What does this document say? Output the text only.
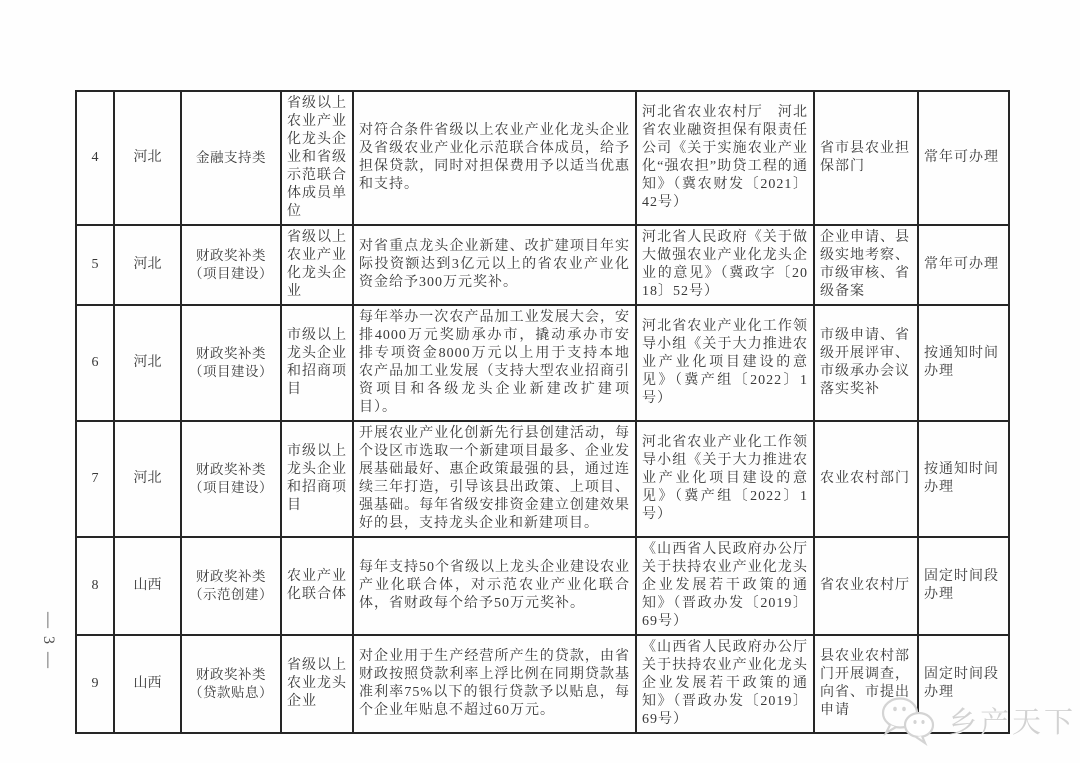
— 3 —
4	河北	金融支持类	省级以上农业产业化龙头企业和省级示范联合体成员单位	对符合条件省级以上农业产业化龙头企业及省级农业产业化示范联合体成员，给予担保贷款，同时对担保费用予以适当优惠和支持。	河北省农业农村厅　河北省农业融资担保有限责任公司《关于实施农业产业化“强农担”助贷工程的通知》（冀农财发〔2021〕42号）	省市县农业担保部门	常年可办理
5	河北	财政奖补类（项目建设）	省级以上农业产业化龙头企业	对省重点龙头企业新建、改扩建项目年实际投资额达到3亿元以上的省农业产业化资金给予300万元奖补。	河北省人民政府《关于做大做强农业产业化龙头企业的意见》（冀政字〔2018〕52号）	企业申请、县级实地考察、市级审核、省级备案	常年可办理
6	河北	财政奖补类（项目建设）	市级以上龙头企业和招商项目	每年举办一次农产品加工业发展大会，安排4000万元奖励承办市，撬动承办市安排专项资金8000万元以上用于支持本地农产品加工业发展（支持大型农业招商引资项目和各级龙头企业新建改扩建项目）。	河北省农业产业化工作领导小组《关于大力推进农业产业化项目建设的意见》（冀产组〔2022〕1号）	市级申请、省级开展评审、市级承办会议落实奖补	按通知时间办理
7	河北	财政奖补类（项目建设）	市级以上龙头企业和招商项目	开展农业产业化创新先行县创建活动，每个设区市选取一个新建项目最多、企业发展基础最好、惠企政策最强的县，通过连续三年打造，引导该县出政策、上项目、强基础。每年省级安排资金建立创建效果好的县，支持龙头企业和新建项目。	河北省农业产业化工作领导小组《关于大力推进农业产业化项目建设的意见》（冀产组〔2022〕1号）	农业农村部门	按通知时间办理
8	山西	财政奖补类（示范创建）	农业产业化联合体	每年支持50个省级以上龙头企业建设农业产业化联合体，对示范农业产业化联合体，省财政每个给予50万元奖补。	《山西省人民政府办公厅关于扶持农业产业化龙头企业发展若干政策的通知》（晋政办发〔2019〕69号）	省农业农村厅	固定时间段办理
9	山西	财政奖补类（贷款贴息）	省级以上农业龙头企业	对企业用于生产经营所产生的贷款，由省财政按照贷款利率上浮比例在同期贷款基准利率75%以下的银行贷款予以贴息，每个企业年贴息不超过60万元。	《山西省人民政府办公厅关于扶持农业产业化龙头企业发展若干政策的通知》（晋政办发〔2019〕69号）	县农业农村部门开展调查，向省、市提出申请	固定时间段办理
乡产天下
